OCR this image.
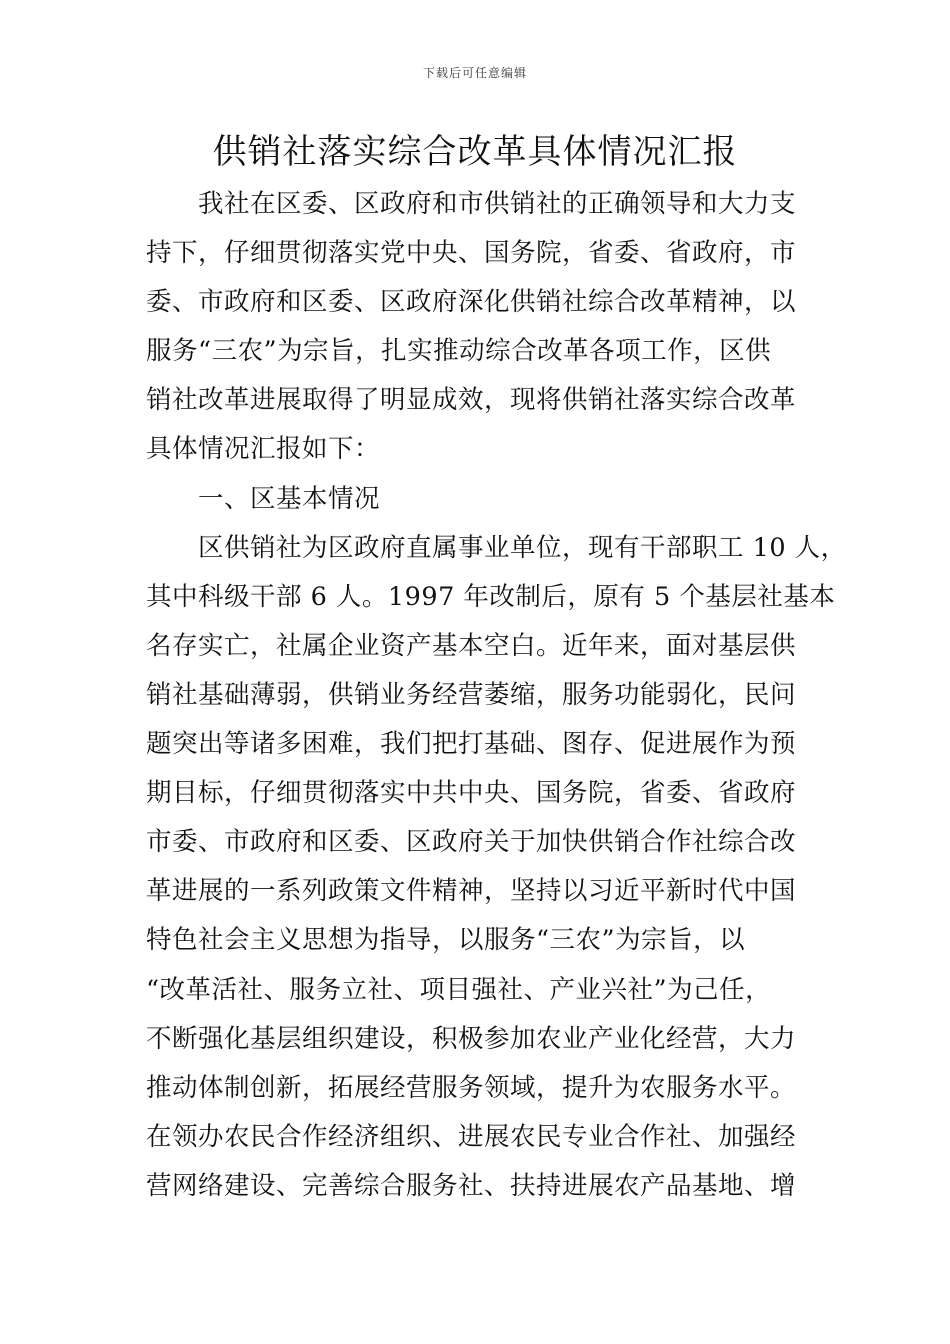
下载后可任意编辑
供销社落实综合改革具体情况汇报
我社在区委、区政府和市供销社的正确领导和大力支
持下，仔细贯彻落实党中央、国务院，省委、省政府，市
委、市政府和区委、区政府深化供销社综合改革精神，以
服务“三农”为宗旨，扎实推动综合改革各项工作，区供
销社改革进展取得了明显成效，现将供销社落实综合改革
具体情况汇报如下：
一、区基本情况
区供销社为区政府直属事业单位，现有干部职工 10 人，
其中科级干部 6 人。1997 年改制后，原有 5 个基层社基本
名存实亡，社属企业资产基本空白。近年来，面对基层供
销社基础薄弱，供销业务经营萎缩，服务功能弱化，民问
题突出等诸多困难，我们把打基础、图存、促进展作为预
期目标，仔细贯彻落实中共中央、国务院，省委、省政府
市委、市政府和区委、区政府关于加快供销合作社综合改
革进展的一系列政策文件精神，坚持以习近平新时代中国
特色社会主义思想为指导，以服务“三农”为宗旨，以
“改革活社、服务立社、项目强社、产业兴社”为己任，
不断强化基层组织建设，积极参加农业产业化经营，大力
推动体制创新，拓展经营服务领域，提升为农服务水平。
在领办农民合作经济组织、进展农民专业合作社、加强经
营网络建设、完善综合服务社、扶持进展农产品基地、增
